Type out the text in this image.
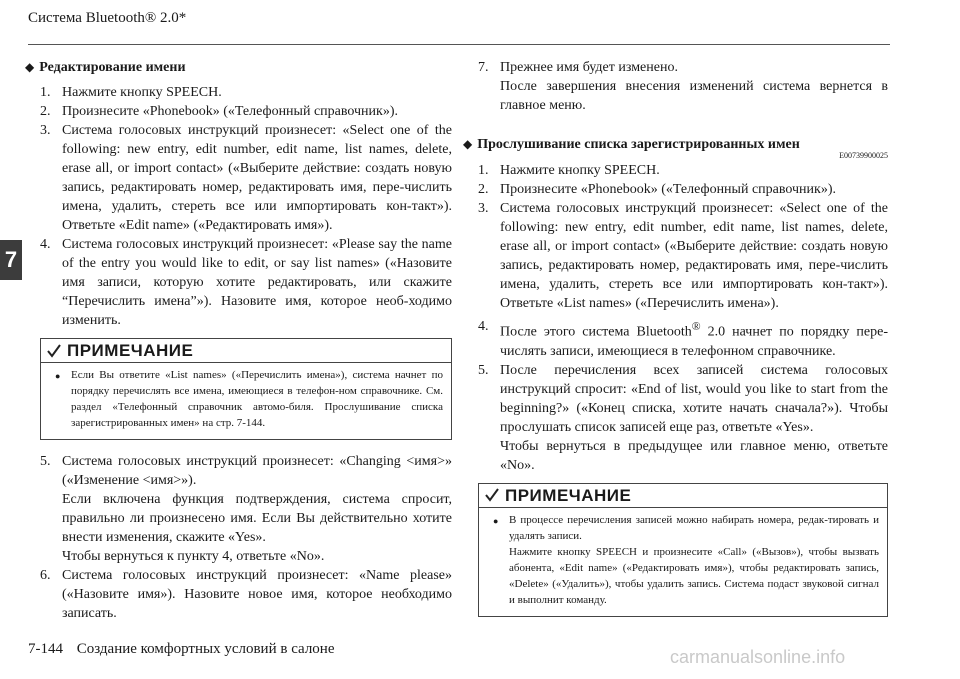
Система Bluetooth® 2.0*
7
◆ Редактирование имени
1. Нажмите кнопку SPEECH.
2. Произнесите «Phonebook» («Телефонный справочник»).
3. Система голосовых инструкций произнесет: «Select one of the following: new entry, edit number, edit name, list names, delete, erase all, or import contact» («Выберите действие: создать новую запись, редактировать номер, редактировать имя, пере-числить имена, удалить, стереть все или импортировать кон-такт»). Ответьте «Edit name» («Редактировать имя»).
4. Система голосовых инструкций произнесет: «Please say the name of the entry you would like to edit, or say list names» («Назовите имя записи, которую хотите редактировать, или скажите “Перечислить имена”»). Назовите имя, которое необ-ходимо изменить.
ПРИМЕЧАНИЕ
● Если Вы ответите «List names» («Перечислить имена»), система начнет по порядку перечислять все имена, имеющиеся в телефон-ном справочнике. См. раздел «Телефонный справочник автомо-биля. Прослушивание списка зарегистрированных имен» на стр. 7-144.
5. Система голосовых инструкций произнесет: «Changing <имя>» («Изменение <имя>»).
Если включена функция подтверждения, система спросит, правильно ли произнесено имя. Если Вы действительно хотите внести изменения, скажите «Yes».
Чтобы вернуться к пункту 4, ответьте «No».
6. Система голосовых инструкций произнесет: «Name please» («Назовите имя»). Назовите новое имя, которое необходимо записать.
7. Прежнее имя будет изменено.
После завершения внесения изменений система вернется в главное меню.
◆ Прослушивание списка зарегистрированных имен
E00739900025
1. Нажмите кнопку SPEECH.
2. Произнесите «Phonebook» («Телефонный справочник»).
3. Система голосовых инструкций произнесет: «Select one of the following: new entry, edit number, edit name, list names, delete, erase all, or import contact» («Выберите действие: создать новую запись, редактировать номер, редактировать имя, пере-числить имена, удалить, стереть все или импортировать кон-такт»). Ответьте «List names» («Перечислить имена»).
4. После этого система Bluetooth® 2.0 начнет по порядку пере-числять записи, имеющиеся в телефонном справочнике.
5. После перечисления всех записей система голосовых инструкций спросит: «End of list, would you like to start from the beginning?» («Конец списка, хотите начать сначала?»). Чтобы прослушать список записей еще раз, ответьте «Yes».
Чтобы вернуться в предыдущее или главное меню, ответьте «No».
ПРИМЕЧАНИЕ
● В процессе перечисления записей можно набирать номера, редак-тировать и удалять записи.
Нажмите кнопку SPEECH и произнесите «Call» («Вызов»), чтобы вызвать абонента, «Edit name» («Редактировать имя»), чтобы редактировать запись, «Delete» («Удалить»), чтобы удалить запись. Система подаст звуковой сигнал и выполнит команду.
7-144 Создание комфортных условий в салоне	carmanualsonline.info
